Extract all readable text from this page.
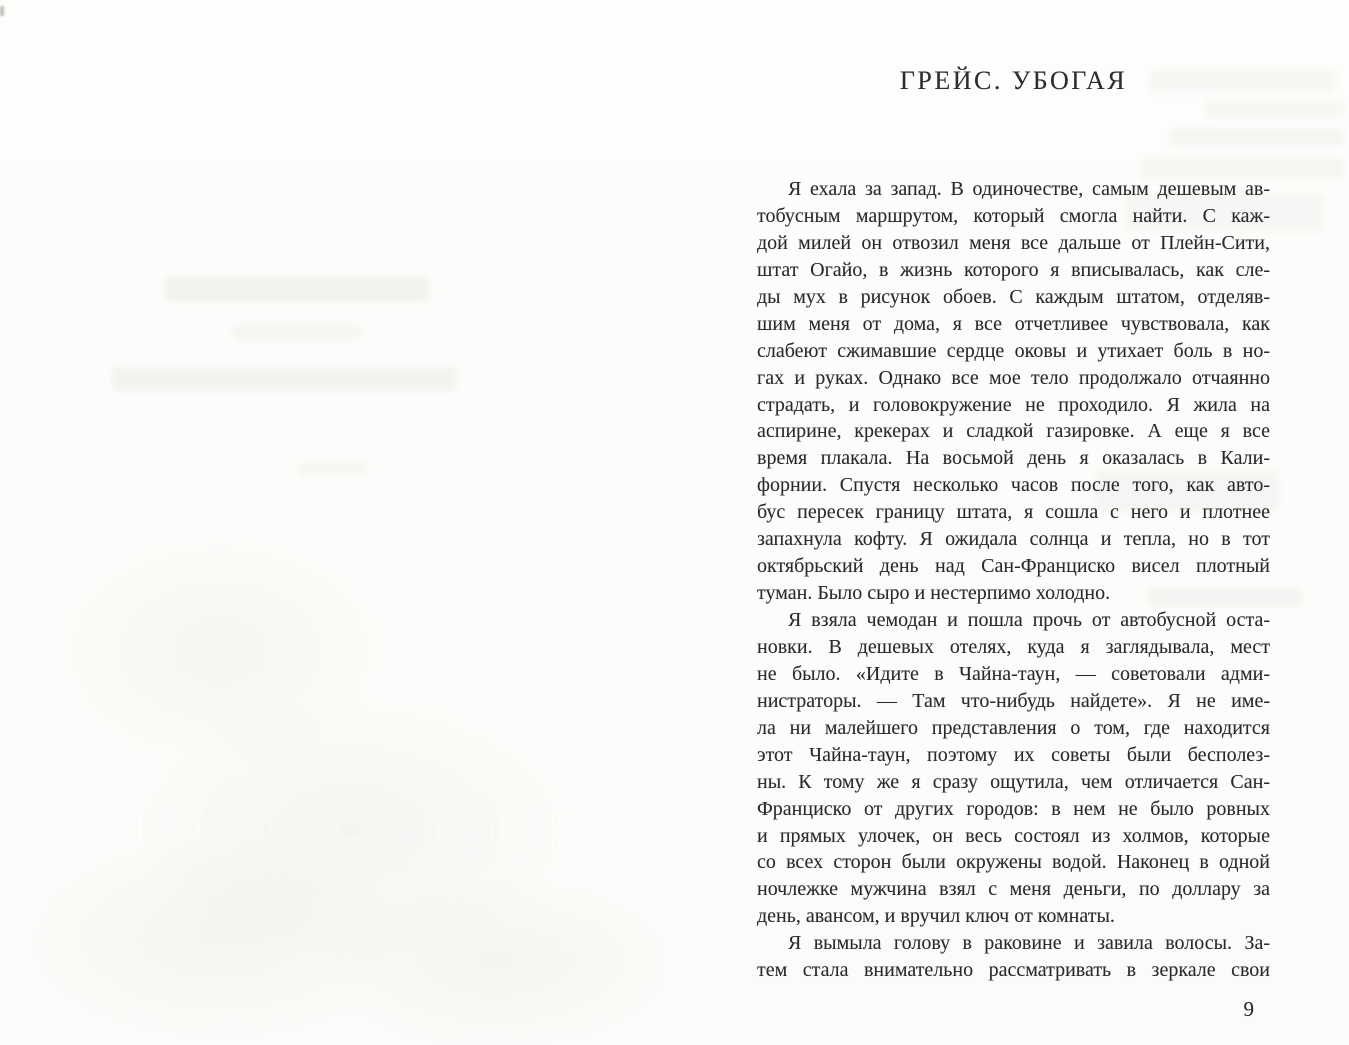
ГРЕЙС. УБОГАЯ
Я ехала за запад. В одиночестве, самым дешевым ав-
тобусным маршрутом, который смогла найти. С каж-
дой милей он отвозил меня все дальше от Плейн-Сити,
штат Огайо, в жизнь которого я вписывалась, как сле-
ды мух в рисунок обоев. С каждым штатом, отделяв-
шим меня от дома, я все отчетливее чувствовала, как
слабеют сжимавшие сердце оковы и утихает боль в но-
гах и руках. Однако все мое тело продолжало отчаянно
страдать, и головокружение не проходило. Я жила на
аспирине, крекерах и сладкой газировке. А еще я все
время плакала. На восьмой день я оказалась в Кали-
форнии. Спустя несколько часов после того, как авто-
бус пересек границу штата, я сошла с него и плотнее
запахнула кофту. Я ожидала солнца и тепла, но в тот
октябрьский день над Сан-Франциско висел плотный
туман. Было сыро и нестерпимо холодно.
Я взяла чемодан и пошла прочь от автобусной оста-
новки. В дешевых отелях, куда я заглядывала, мест
не было. «Идите в Чайна-таун, — советовали адми-
нистраторы. — Там что-нибудь найдете». Я не име-
ла ни малейшего представления о том, где находится
этот Чайна-таун, поэтому их советы были бесполез-
ны. К тому же я сразу ощутила, чем отличается Сан-
Франциско от других городов: в нем не было ровных
и прямых улочек, он весь состоял из холмов, которые
со всех сторон были окружены водой. Наконец в одной
ночлежке мужчина взял с меня деньги, по доллару за
день, авансом, и вручил ключ от комнаты.
Я вымыла голову в раковине и завила волосы. За-
тем стала внимательно рассматривать в зеркале свои
9
